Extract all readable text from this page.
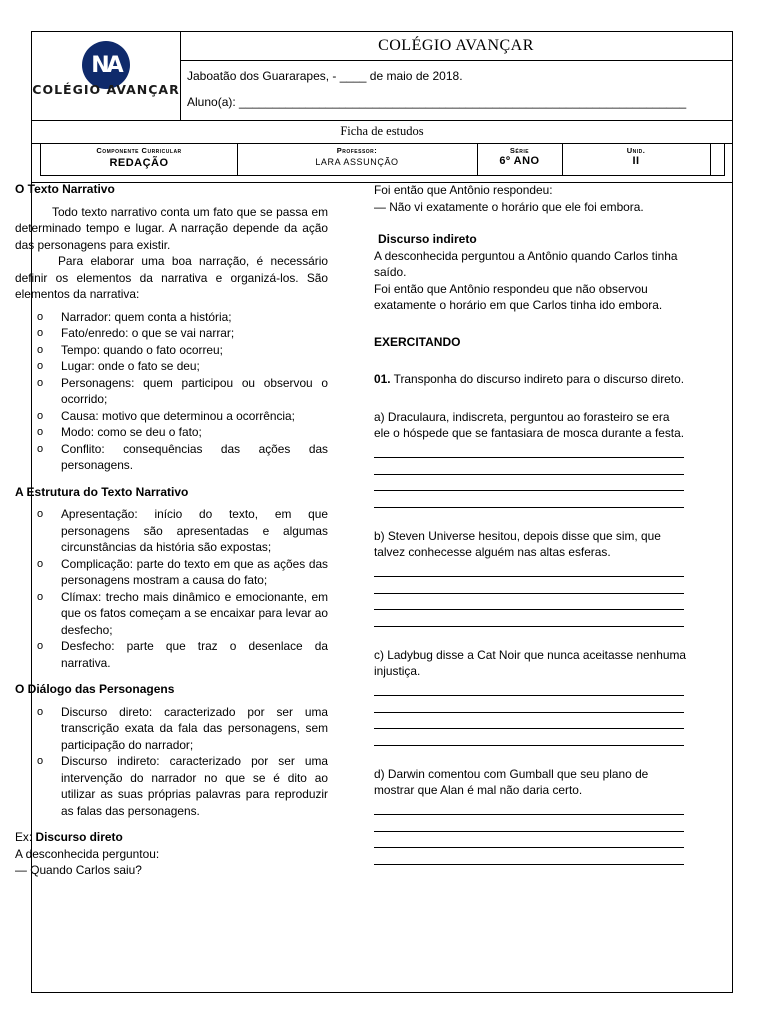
NA
COLÉGIO AVANÇAR
COLÉGIO AVANÇAR
Jaboatão dos Guararapes, - ____ de maio de 2018.
Aluno(a): ___________________________________________________________________
Ficha de estudos
Componente Curricular
REDAÇÃO
Professor:
LARA ASSUNÇÃO
Série
6º ANO
Unid.
II
O Texto Narrativo

Todo texto narrativo conta um fato que se passa em determinado tempo e lugar. A narração depende da ação das personagens para existir.

Para elaborar uma boa narração, é necessário definir os elementos da narrativa e organizá-los. São elementos da narrativa:

o Narrador: quem conta a história;
o Fato/enredo: o que se vai narrar;
o Tempo: quando o fato ocorreu;
o Lugar: onde o fato se deu;
o Personagens: quem participou ou observou o ocorrido;
o Causa: motivo que determinou a ocorrência;
o Modo: como se deu o fato;
o Conflito: consequências das ações das personagens.
A Estrutura do Texto Narrativo
o Apresentação: início do texto, em que personagens são apresentadas e algumas circunstâncias da história são expostas;
o Complicação: parte do texto em que as ações das personagens mostram a causa do fato;
o Clímax: trecho mais dinâmico e emocionante, em que os fatos começam a se encaixar para levar ao desfecho;
o Desfecho: parte que traz o desenlace da narrativa.
O Diálogo das Personagens
o Discurso direto: caracterizado por ser uma transcrição exata da fala das personagens, sem participação do narrador;
o Discurso indireto: caracterizado por ser uma intervenção do narrador no que se é dito ao utilizar as suas próprias palavras para reproduzir as falas das personagens.

Ex: Discurso direto

A desconhecida perguntou:

— Quando Carlos saiu?

Foi então que Antônio respondeu:

— Não vi exatamente o horário que ele foi embora.

Discurso indireto

A desconhecida perguntou a Antônio quando Carlos tinha saído.

Foi então que Antônio respondeu que não observou exatamente o horário em que Carlos tinha ido embora.

EXERCITANDO

01. Transponha do discurso indireto para o discurso direto.

a) Draculaura, indiscreta, perguntou ao forasteiro se era ele o hóspede que se fantasiara de mosca durante a festa.

b) Steven Universe hesitou, depois disse que sim, que talvez conhecesse alguém nas altas esferas.

c) Ladybug disse a Cat Noir que nunca aceitasse nenhuma injustiça.

d) Darwin comentou com Gumball que seu plano de mostrar que Alan é mal não daria certo.
